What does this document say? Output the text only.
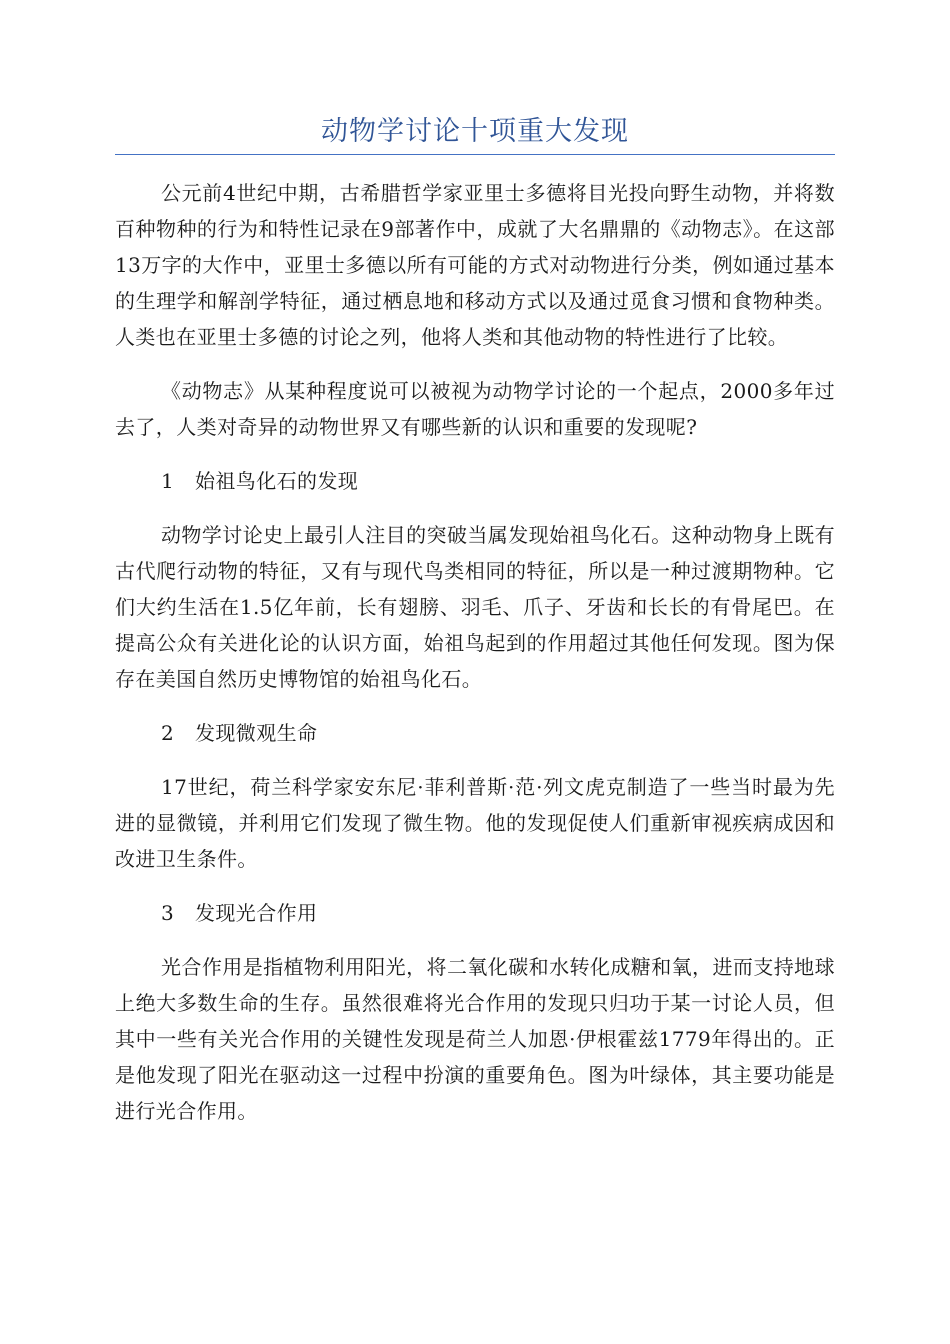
动物学讨论十项重大发现

公元前4世纪中期，古希腊哲学家亚里士多德将目光投向野生动物，并将数百种物种的行为和特性记录在9部著作中，成就了大名鼎鼎的《动物志》。在这部13万字的大作中，亚里士多德以所有可能的方式对动物进行分类，例如通过基本的生理学和解剖学特征，通过栖息地和移动方式以及通过觅食习惯和食物种类。人类也在亚里士多德的讨论之列，他将人类和其他动物的特性进行了比较。

《动物志》从某种程度说可以被视为动物学讨论的一个起点，2000多年过去了，人类对奇异的动物世界又有哪些新的认识和重要的发现呢?

1 始祖鸟化石的发现

动物学讨论史上最引人注目的突破当属发现始祖鸟化石。这种动物身上既有古代爬行动物的特征，又有与现代鸟类相同的特征，所以是一种过渡期物种。它们大约生活在1.5亿年前，长有翅膀、羽毛、爪子、牙齿和长长的有骨尾巴。在提高公众有关进化论的认识方面，始祖鸟起到的作用超过其他任何发现。图为保存在美国自然历史博物馆的始祖鸟化石。

2 发现微观生命

17世纪，荷兰科学家安东尼·菲利普斯·范·列文虎克制造了一些当时最为先进的显微镜，并利用它们发现了微生物。他的发现促使人们重新审视疾病成因和改进卫生条件。

3 发现光合作用

光合作用是指植物利用阳光，将二氧化碳和水转化成糖和氧，进而支持地球上绝大多数生命的生存。虽然很难将光合作用的发现只归功于某一讨论人员，但其中一些有关光合作用的关键性发现是荷兰人加恩·伊根霍兹1779年得出的。正是他发现了阳光在驱动这一过程中扮演的重要角色。图为叶绿体，其主要功能是进行光合作用。
